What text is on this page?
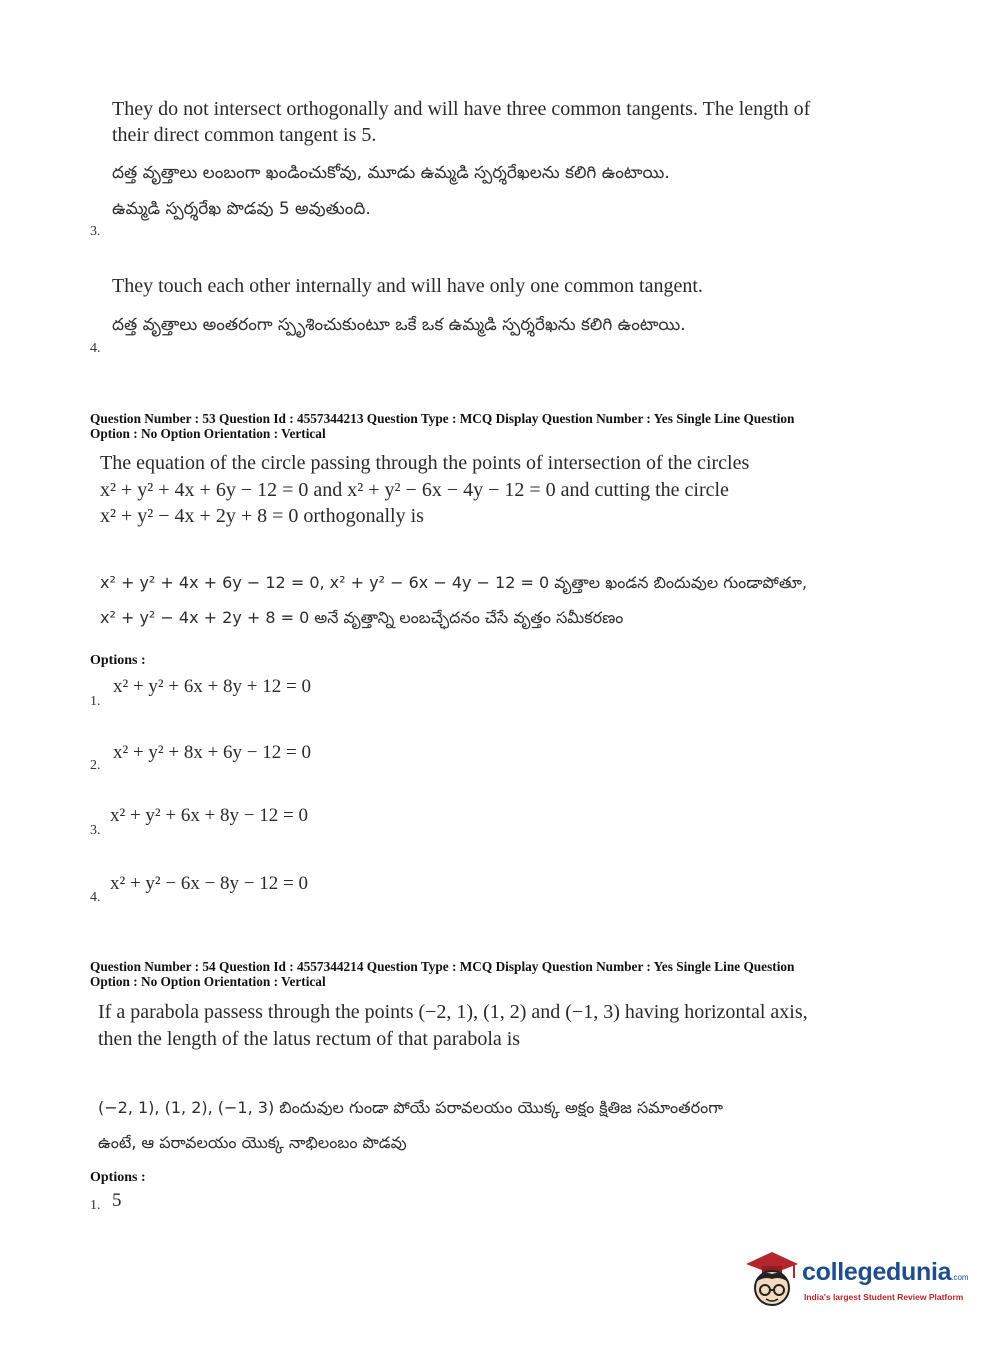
They do not intersect orthogonally and will have three common tangents. The length of their direct common tangent is 5.
దత్త వృత్తాలు లంబంగా ఖండించుకోవు, మూడు ఉమ్మడి స్పర్శరేఖలను కలిగి ఉంటాయి.
ఉమ్మడి స్పర్శరేఖ పొడవు 5 అవుతుంది.
3.
They touch each other internally and will have only one common tangent.
దత్త వృత్తాలు అంతరంగా స్పృశించుకుంటూ ఒకే ఒక ఉమ్మడి స్పర్శరేఖను కలిగి ఉంటాయి.
4.
Question Number : 53 Question Id : 4557344213 Question Type : MCQ Display Question Number : Yes Single Line Question
Option : No Option Orientation : Vertical
The equation of the circle passing through the points of intersection of the circles
x² + y² + 4x + 6y − 12 = 0 and x² + y² − 6x − 4y − 12 = 0 and cutting the circle
x² + y² − 4x + 2y + 8 = 0 orthogonally is
x² + y² + 4x + 6y − 12 = 0, x² + y² − 6x − 4y − 12 = 0 వృత్తాల ఖండన బిందువుల గుండాపోతూ,
x² + y² − 4x + 2y + 8 = 0 అనే వృత్తాన్ని లంబచ్ఛేదనం చేసే వృత్తం సమీకరణం
Options :
1.
x² + y² + 6x + 8y + 12 = 0
2.
x² + y² + 8x + 6y − 12 = 0
3.
x² + y² + 6x + 8y − 12 = 0
4.
x² + y² − 6x − 8y − 12 = 0
Question Number : 54 Question Id : 4557344214 Question Type : MCQ Display Question Number : Yes Single Line Question
Option : No Option Orientation : Vertical
If a parabola passess through the points (−2, 1), (1, 2) and (−1, 3) having horizontal axis,
then the length of the latus rectum of that parabola is
(−2, 1), (1, 2), (−1, 3) బిందువుల గుండా పోయే పరావలయం యొక్క అక్షం క్షితిజ సమాంతరంగా
ఉంటే, ఆ పరావలయం యొక్క నాభిలంబం పొడవు
Options :
1. 5
collegedunia.com
India's largest Student Review Platform
